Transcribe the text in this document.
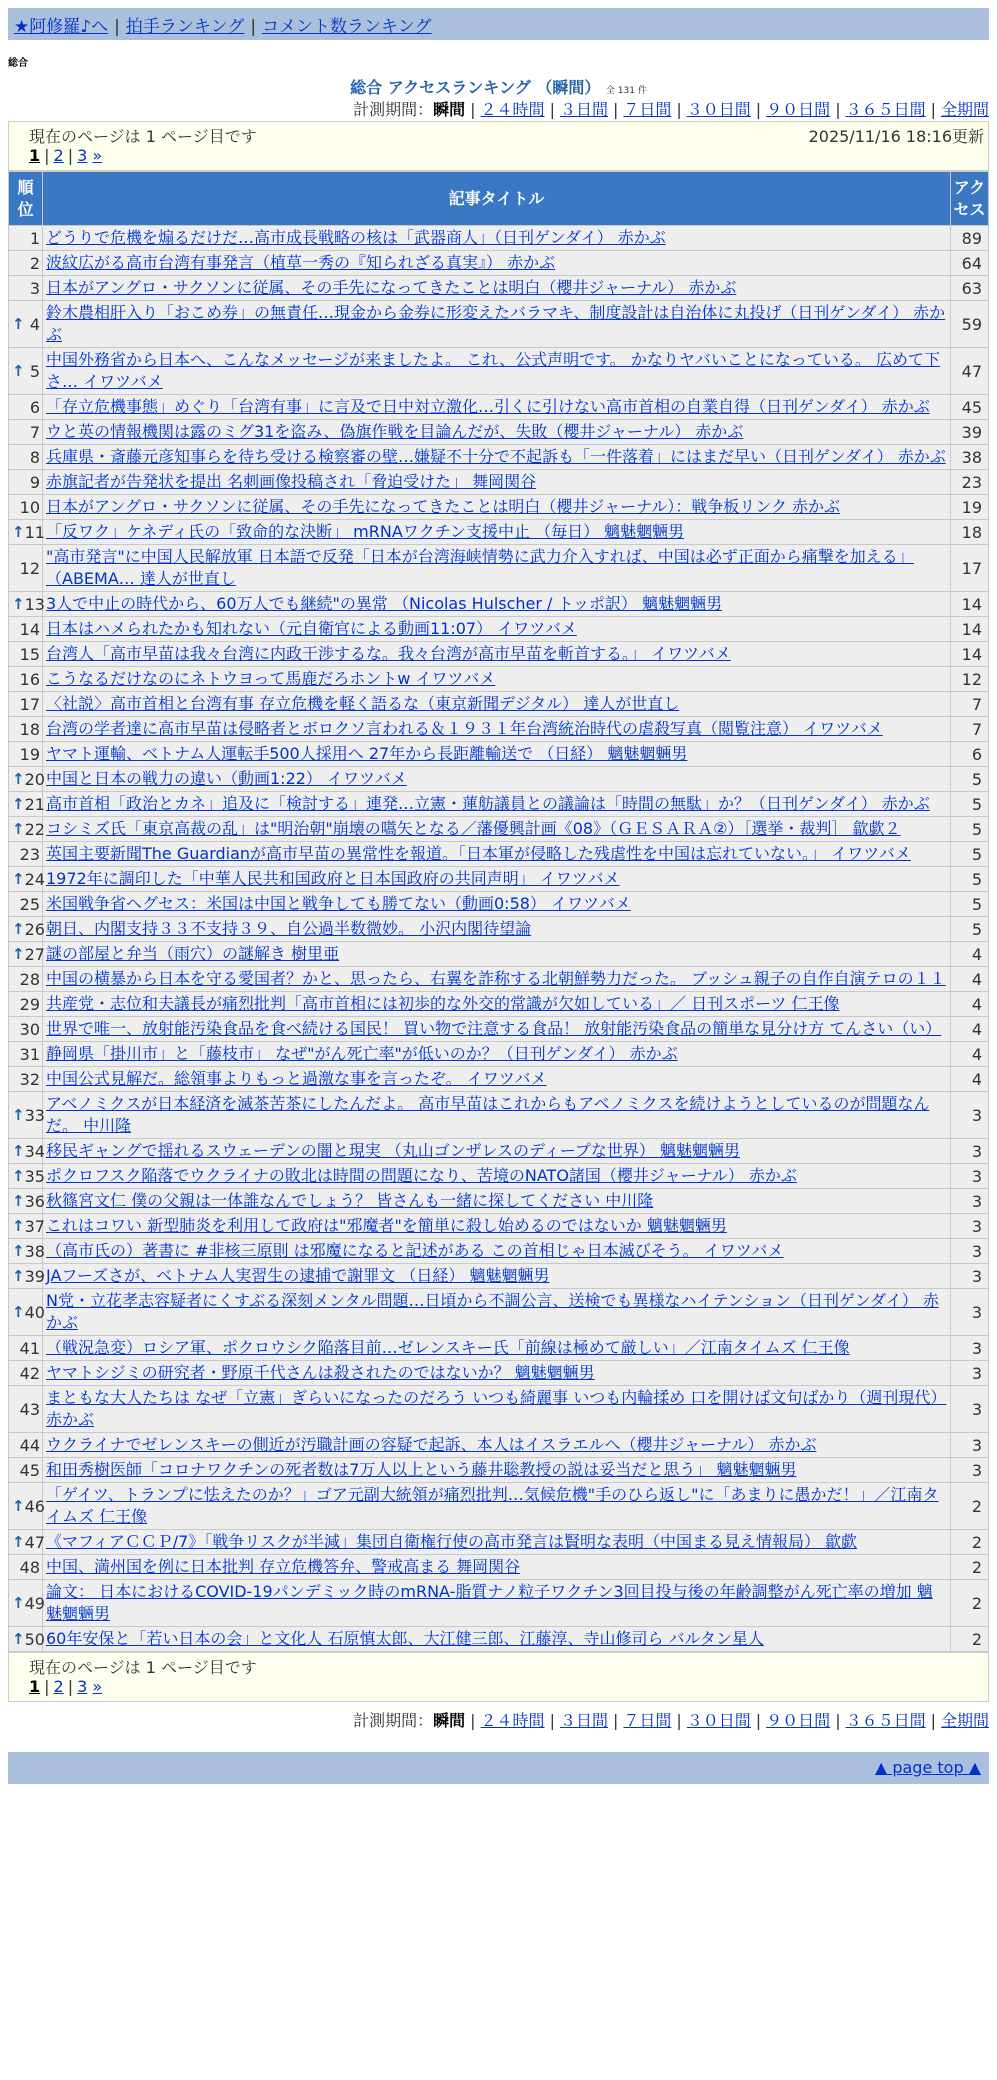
★阿修羅♪へ | 拍手ランキング | コメント数ランキング
総合
総合 アクセスランキング （瞬間） 全 131 件
計測期間：瞬間 | ２４時間 | ３日間 | ７日間 | ３０日間 | ９０日間 | ３６５日間 | 全期間
現在のページは 1 ページ目です	2025/11/16 18:16更新
1 | 2 | 3 »
順位	記事タイトル	アクセス
1	どうりで危機を煽るだけだ…高市成長戦略の核は「武器商人」（日刊ゲンダイ） 赤かぶ	89
2	波紋広がる高市台湾有事発言（植草一秀の『知られざる真実』） 赤かぶ	64
3	日本がアングロ・サクソンに従属、その手先になってきたことは明白（櫻井ジャーナル） 赤かぶ	63

↑ 4	鈴木農相肝入り「おこめ券」の無責任…現金から金券に形変えたバラマキ、制度設計は自治体に丸投げ（日刊ゲンダイ） 赤かぶ	59

↑ 5	中国外務省から日本へ、こんなメッセージが来ましたよ。 これ、公式声明です。 かなりヤバいことになっている。 広めて下さ… イワツバメ	47
6	「存立危機事態」めぐり「台湾有事」に言及で日中対立激化…引くに引けない高市首相の自業自得（日刊ゲンダイ） 赤かぶ	45
7	ウと英の情報機関は露のミグ31を盗み、偽旗作戦を目論んだが、失敗（櫻井ジャーナル） 赤かぶ	39
8	兵庫県・斎藤元彦知事らを待ち受ける検察審の壁…嫌疑不十分で不起訴も「一件落着」にはまだ早い（日刊ゲンダイ） 赤かぶ	38
9	赤旗記者が告発状を提出 名刺画像投稿され「脅迫受けた」 舞岡関谷	23
10	日本がアングロ・サクソンに従属、その手先になってきたことは明白（櫻井ジャーナル）：戦争板リンク 赤かぶ	19

↑ 11	「反ワク」ケネディ氏の「致命的な決断」 mRNAワクチン支援中止 （毎日） 魑魅魍魎男	18
12	"高市発言"に中国人民解放軍 日本語で反発「日本が台湾海峡情勢に武力介入すれば、中国は必ず正面から痛撃を加える」（ABEMA… 達人が世直し	17

↑ 13	3人で中止の時代から、60万人でも継続"の異常 （Nicolas Hulscher / トッポ訳） 魑魅魍魎男	14
14	日本はハメられたかも知れない（元自衛官による動画11:07） イワツバメ	14
15	台湾人「高市早苗は我々台湾に内政干渉するな。我々台湾が高市早苗を斬首する。」 イワツバメ	14
16	こうなるだけなのにネトウヨって馬鹿だろホントw イワツバメ	12
17	〈社説〉高市首相と台湾有事 存立危機を軽く語るな（東京新聞デジタル） 達人が世直し	7
18	台湾の学者達に高市早苗は侵略者とボロクソ言われる＆１９３１年台湾統治時代の虐殺写真（閲覧注意） イワツバメ	7
19	ヤマト運輸、ベトナム人運転手500人採用へ 27年から長距離輸送で （日経） 魑魅魍魎男	6

↑ 20	中国と日本の戦力の違い（動画1:22） イワツバメ	5

↑ 21	高市首相「政治とカネ」追及に「検討する」連発…立憲・蓮舫議員との議論は「時間の無駄」か？（日刊ゲンダイ） 赤かぶ	5

↑ 22	コシミズ氏「東京高裁の乱」は"明治朝"崩壊の嚆矢となる／藩優興計画《08》（ＧＥＳＡＲＡ②）［選挙・裁判］ 歙歔２	5
23	英国主要新聞The Guardianが高市早苗の異常性を報道。「日本軍が侵略した残虐性を中国は忘れていない。」 イワツバメ	5

↑ 24	1972年に調印した「中華人民共和国政府と日本国政府の共同声明」 イワツバメ	5
25	米国戦争省ヘグセス：米国は中国と戦争しても勝てない（動画0:58） イワツバメ	5

↑ 26	朝日、内閣支持３３不支持３９、自公過半数微妙。 小沢内閣待望論	5

↑ 27	謎の部屋と弁当（雨穴）の謎解き 樹里亜	4
28	中国の横暴から日本を守る愛国者？かと、思ったら、右翼を詐称する北朝鮮勢力だった。 ブッシュ親子の自作自演テロの１１	4
29	共産党・志位和夫議長が痛烈批判「高市首相には初歩的な外交的常識が欠如している」／ 日刊スポーツ 仁王像	4
30	世界で唯一、放射能汚染食品を食べ続ける国民！ 買い物で注意する食品！ 放射能汚染食品の簡単な見分け方 てんさい（い）	4
31	静岡県「掛川市」と「藤枝市」 なぜ"がん死亡率"が低いのか？（日刊ゲンダイ） 赤かぶ	4
32	中国公式見解だ。総領事よりもっと過激な事を言ったぞ。 イワツバメ	4

↑ 33	アベノミクスが日本経済を滅茶苦茶にしたんだよ。 高市早苗はこれからもアベノミクスを続けようとしているのが問題なんだ。 中川隆	3

↑ 34	移民ギャングで揺れるスウェーデンの闇と現実 （丸山ゴンザレスのディープな世界） 魑魅魍魎男	3

↑ 35	ポクロフスク陥落でウクライナの敗北は時間の問題になり、苦境のNATO諸国（櫻井ジャーナル） 赤かぶ	3

↑ 36	秋篠宮文仁 僕の父親は一体誰なんでしょう？ 皆さんも一緒に探してください 中川隆	3

↑ 37	これはコワい 新型肺炎を利用して政府は"邪魔者"を簡単に殺し始めるのではないか 魑魅魍魎男	3

↑ 38	（高市氏の）著書に #非核三原則 は邪魔になると記述がある この首相じゃ日本滅びそう。 イワツバメ	3

↑ 39	JAフーズさが、ベトナム人実習生の逮捕で謝罪文 （日経） 魑魅魍魎男	3

↑ 40	N党・立花孝志容疑者にくすぶる深刻メンタル問題…日頃から不調公言、送検でも異様なハイテンション（日刊ゲンダイ） 赤かぶ	3
41	（戦況急変）ロシア軍、ポクロウシク陥落目前…ゼレンスキー氏「前線は極めて厳しい」／江南タイムズ 仁王像	3
42	ヤマトシジミの研究者・野原千代さんは殺されたのではないか？ 魑魅魍魎男	3
43	まともな大人たちは なぜ「立憲」ぎらいになったのだろう いつも綺麗事 いつも内輪揉め 口を開けば文句ばかり（週刊現代） 赤かぶ	3
44	ウクライナでゼレンスキーの側近が汚職計画の容疑で起訴、本人はイスラエルへ（櫻井ジャーナル） 赤かぶ	3
45	和田秀樹医師「コロナワクチンの死者数は7万人以上という藤井聡教授の説は妥当だと思う」 魑魅魍魎男	3

↑ 46	「ゲイツ、トランプに怯えたのか？」ゴア元副大統領が痛烈批判…気候危機"手のひら返し"に「あまりに愚かだ！」／江南タイムズ 仁王像	2

↑ 47	《マフィアＣＣＰ/7》「戦争リスクが半減」集団自衛権行使の高市発言は賢明な表明（中国まる見え情報局） 歙歔	2
48	中国、満州国を例に日本批判 存立危機答弁、警戒高まる 舞岡関谷	2

↑ 49	論文： 日本におけるCOVID-19パンデミック時のmRNA-脂質ナノ粒子ワクチン3回目投与後の年齢調整がん死亡率の増加 魑魅魍魎男	2

↑ 50	60年安保と「若い日本の会」と文化人 石原慎太郎、大江健三郎、江藤淳、寺山修司ら バルタン星人	2
現在のページは 1 ページ目です
1 | 2 | 3 »
計測期間：瞬間 | ２４時間 | ３日間 | ７日間 | ３０日間 | ９０日間 | ３６５日間 | 全期間
▲ page top ▲
